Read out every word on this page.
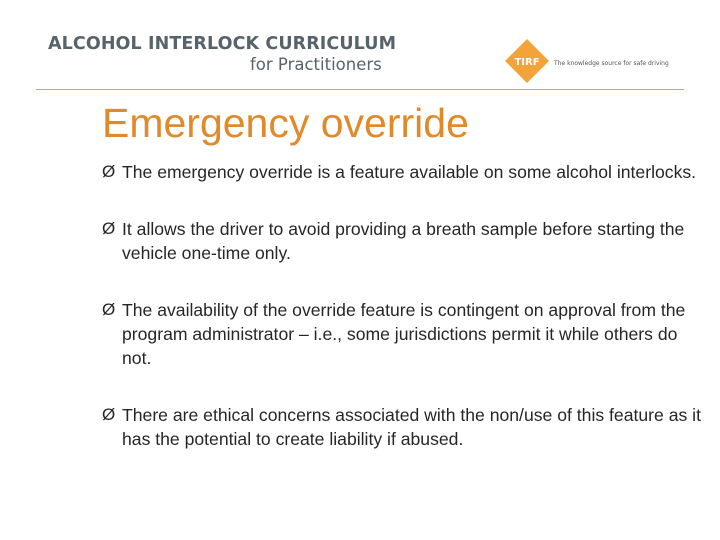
ALCOHOL INTERLOCK CURRICULUM
for Practitioners	TIRF The knowledge source for safe driving
Emergency override
Ø The emergency override is a feature available on some alcohol interlocks.
Ø It allows the driver to avoid providing a breath sample before starting the vehicle one-time only.
Ø The availability of the override feature is contingent on approval from the program administrator – i.e., some jurisdictions permit it while others do not.
Ø There are ethical concerns associated with the non/use of this feature as it has the potential to create liability if abused.
